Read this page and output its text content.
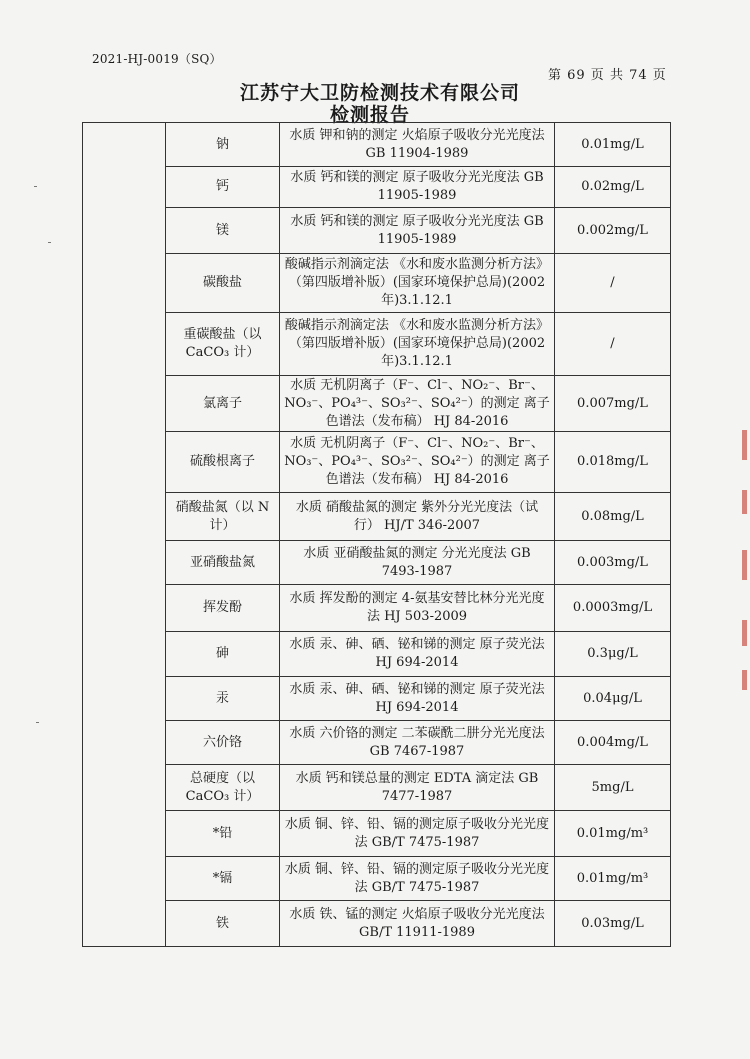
2021-HJ-0019（SQ）
第 69 页 共 74 页
江苏宁大卫防检测技术有限公司
检测报告
	钠	水质 钾和钠的测定 火焰原子吸收分光光度法 GB 11904-1989	0.01mg/L
	钙	水质 钙和镁的测定 原子吸收分光光度法 GB 11905-1989	0.02mg/L
	镁	水质 钙和镁的测定 原子吸收分光光度法 GB 11905-1989	0.002mg/L
	碳酸盐	酸碱指示剂滴定法 《水和废水监测分析方法》（第四版增补版）(国家环境保护总局)(2002 年)3.1.12.1	/
	重碳酸盐（以 CaCO₃ 计）	酸碱指示剂滴定法 《水和废水监测分析方法》（第四版增补版）(国家环境保护总局)(2002 年)3.1.12.1	/
	氯离子	水质 无机阴离子（F⁻、Cl⁻、NO₂⁻、Br⁻、NO₃⁻、PO₄³⁻、SO₃²⁻、SO₄²⁻）的测定 离子色谱法（发布稿） HJ 84-2016	0.007mg/L
	硫酸根离子	水质 无机阴离子（F⁻、Cl⁻、NO₂⁻、Br⁻、NO₃⁻、PO₄³⁻、SO₃²⁻、SO₄²⁻）的测定 离子色谱法（发布稿） HJ 84-2016	0.018mg/L
	硝酸盐氮（以 N 计）	水质 硝酸盐氮的测定 紫外分光光度法（试行） HJ/T 346-2007	0.08mg/L
	亚硝酸盐氮	水质 亚硝酸盐氮的测定 分光光度法 GB 7493-1987	0.003mg/L
	挥发酚	水质 挥发酚的测定 4-氨基安替比林分光光度法 HJ 503-2009	0.0003mg/L
	砷	水质 汞、砷、硒、铋和锑的测定 原子荧光法 HJ 694-2014	0.3μg/L
	汞	水质 汞、砷、硒、铋和锑的测定 原子荧光法 HJ 694-2014	0.04μg/L
	六价铬	水质 六价铬的测定 二苯碳酰二肼分光光度法 GB 7467-1987	0.004mg/L
	总硬度（以 CaCO₃ 计）	水质 钙和镁总量的测定 EDTA 滴定法 GB 7477-1987	5mg/L
	*铅	水质 铜、锌、铅、镉的测定原子吸收分光光度法 GB/T 7475-1987	0.01mg/m³
	*镉	水质 铜、锌、铅、镉的测定原子吸收分光光度法 GB/T 7475-1987	0.01mg/m³
	铁	水质 铁、锰的测定 火焰原子吸收分光光度法 GB/T 11911-1989	0.03mg/L
